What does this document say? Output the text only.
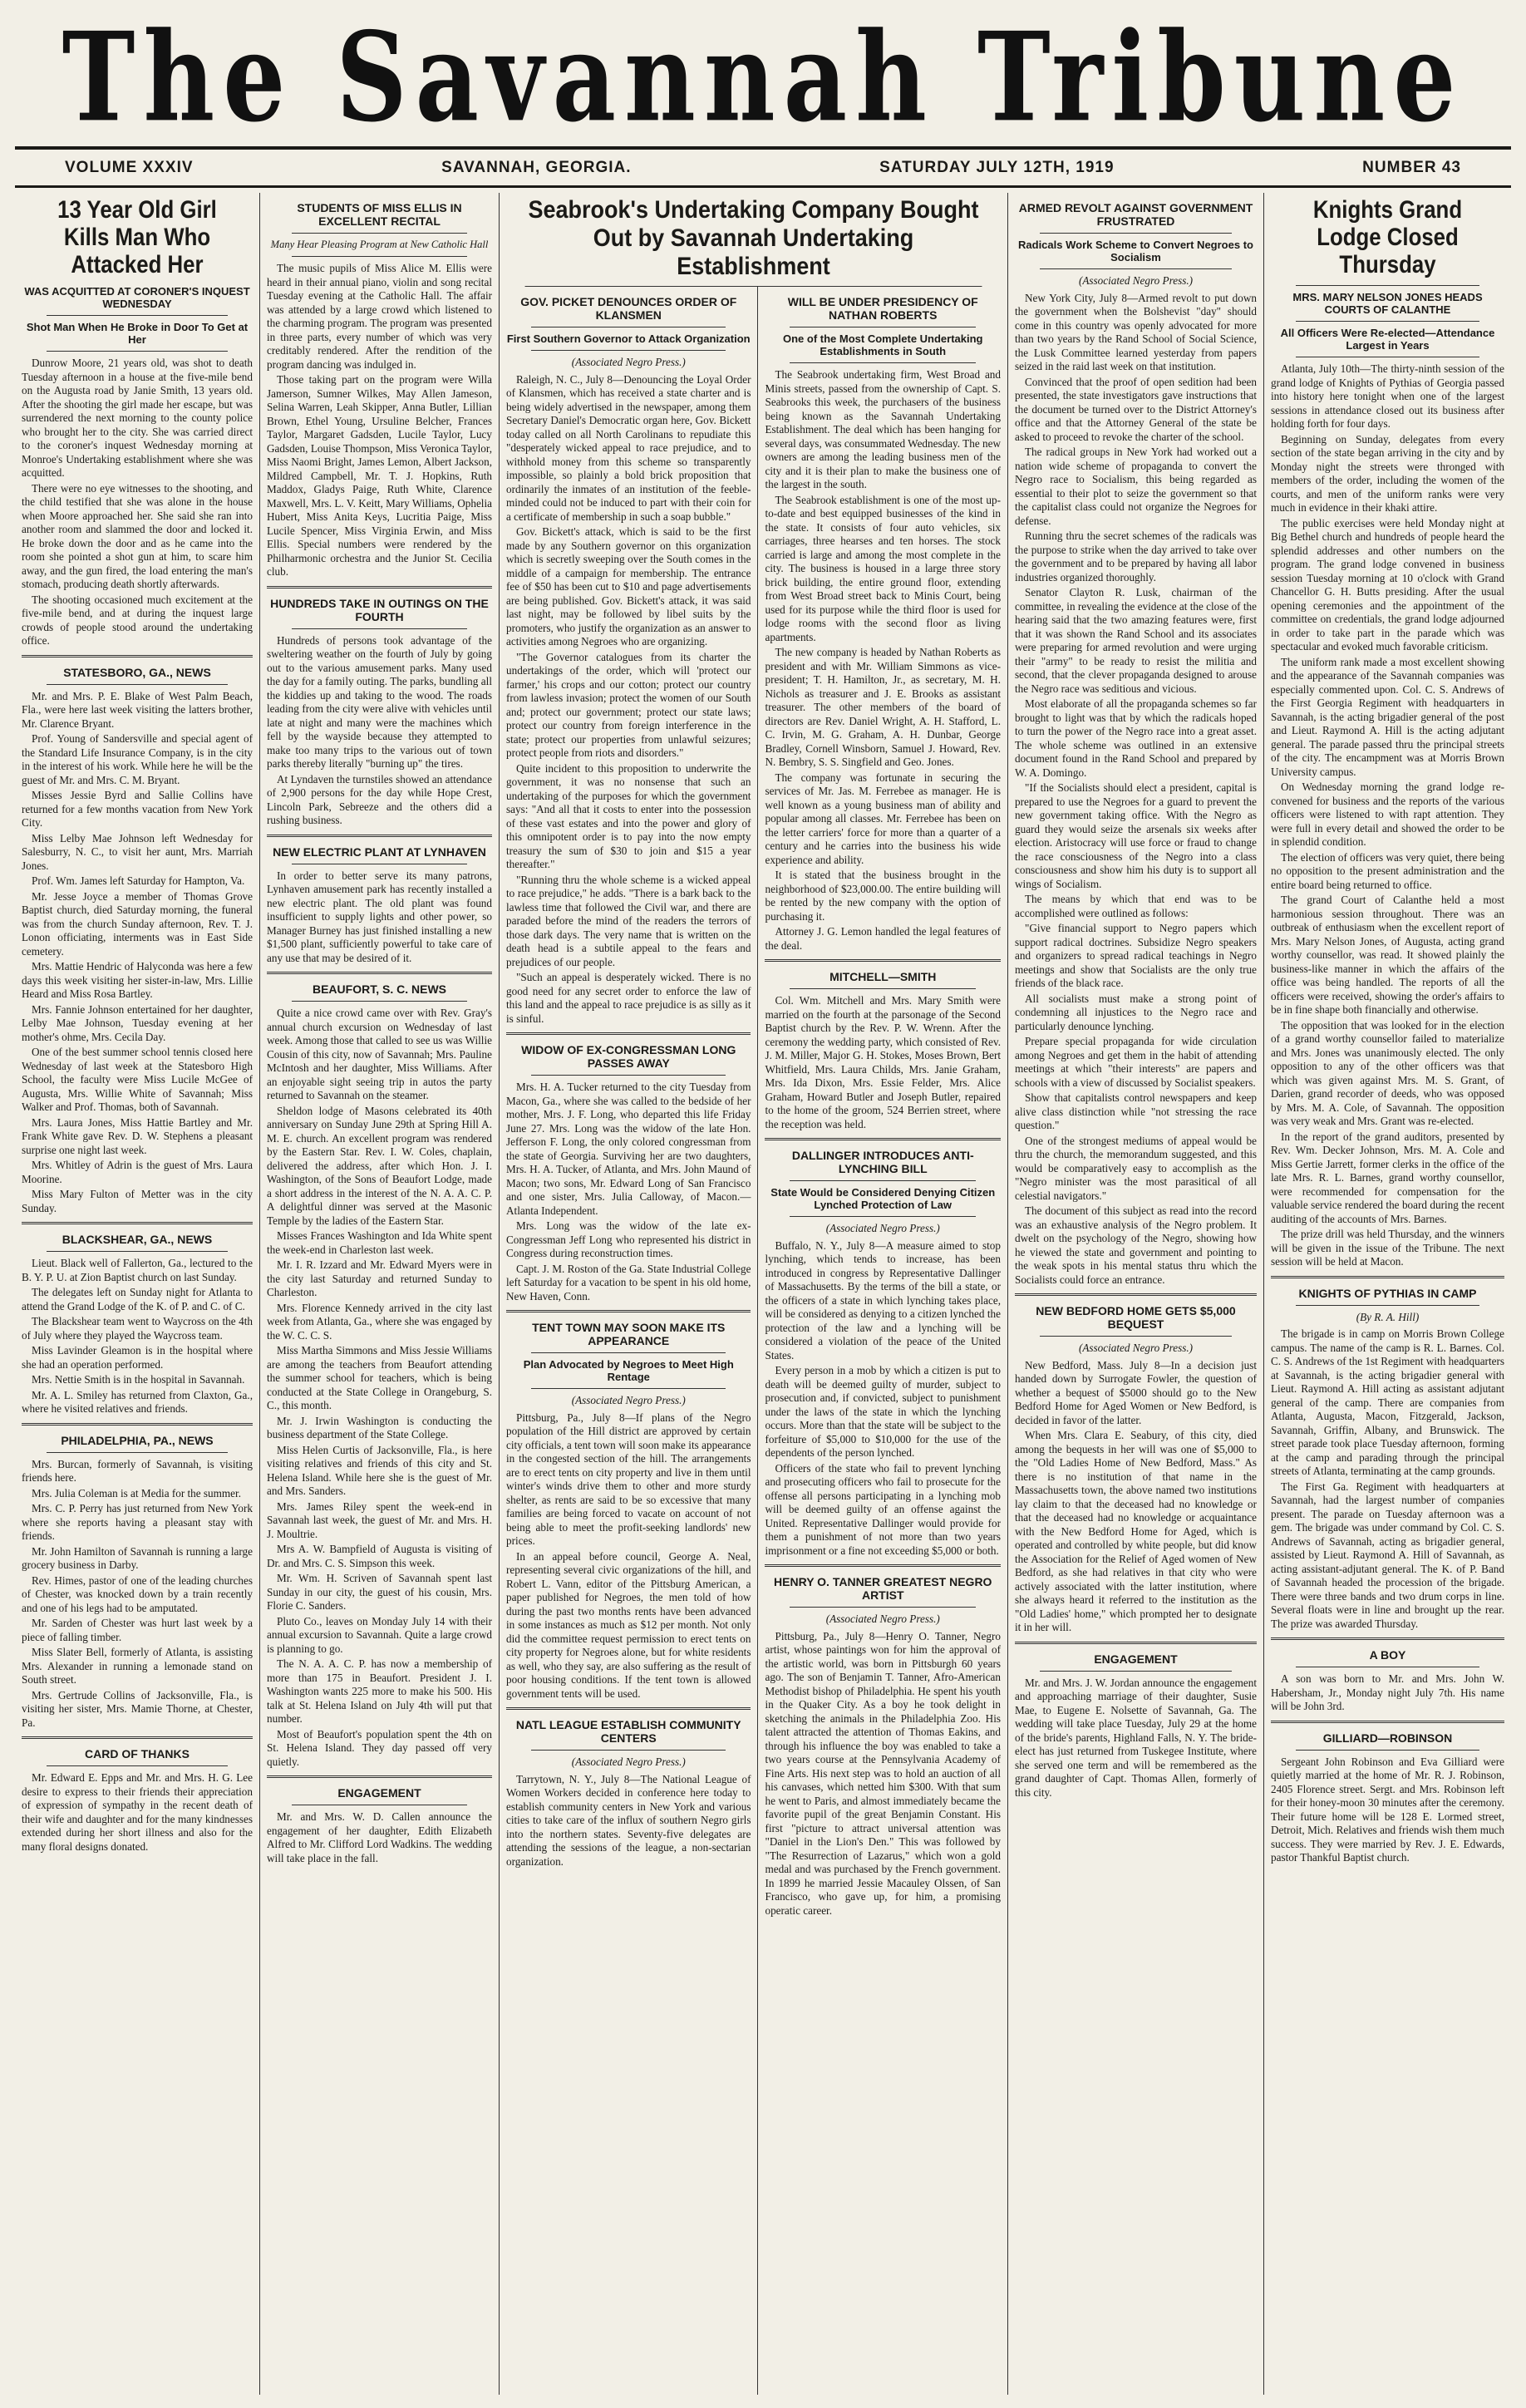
The Savannah Tribune
VOLUME XXXIV	SAVANNAH, GEORGIA.	SATURDAY JULY 12TH, 1919	NUMBER 43
13 Year Old Girl Kills Man Who Attacked Her
WAS ACQUITTED AT CORONER'S INQUEST WEDNESDAY
Shot Man When He Broke in Door To Get at Her

Dunrow Moore, 21 years old, was shot to death Tuesday afternoon in a house at the five-mile bend on the Augusta road by Janie Smith, 13 years old. After the shooting the girl made her escape, but was surrendered the next morning to the county police who brought her to the city. She was carried direct to the coroner's inquest Wednesday morning at Monroe's Undertaking establishment where she was acquitted.

There were no eye witnesses to the shooting, and the child testified that she was alone in the house when Moore approached her. She said she ran into another room and slammed the door and locked it. He broke down the door and as he came into the room she pointed a shot gun at him, to scare him away, and the gun fired, the load entering the man's stomach, producing death shortly afterwards.

The shooting occasioned much excitement at the five-mile bend, and at during the inquest large crowds of people stood around the undertaking office.

STATESBORO, GA., NEWS

Mr. and Mrs. P. E. Blake of West Palm Beach, Fla., were here last week visiting the latters brother, Mr. Clarence Bryant.

Prof. Young of Sandersville and special agent of the Standard Life Insurance Company, is in the city in the interest of his work. While here he will be the guest of Mr. and Mrs. C. M. Bryant.

Misses Jessie Byrd and Sallie Collins have returned for a few months vacation from New York City.

Miss Lelby Mae Johnson left Wednesday for Salesburry, N. C., to visit her aunt, Mrs. Marriah Jones.

Prof. Wm. James left Saturday for Hampton, Va.

Mr. Jesse Joyce a member of Thomas Grove Baptist church, died Saturday morning, the funeral was from the church Sunday afternoon, Rev. T. J. Lonon officiating, interments was in East Side cemetery.

Mrs. Mattie Hendric of Halyconda was here a few days this week visiting her sister-in-law, Mrs. Lillie Heard and Miss Rosa Bartley.

Mrs. Fannie Johnson entertained for her daughter, Lelby Mae Johnson, Tuesday evening at her mother's ohme, Mrs. Cecila Day.

One of the best summer school tennis closed here Wednesday of last week at the Statesboro High School, the faculty were Miss Lucile McGee of Augusta, Mrs. Willie White of Savannah; Miss Walker and Prof. Thomas, both of Savannah.

Mrs. Laura Jones, Miss Hattie Bartley and Mr. Frank White gave Rev. D. W. Stephens a pleasant surprise one night last week.

Mrs. Whitley of Adrin is the guest of Mrs. Laura Moorine.

Miss Mary Fulton of Metter was in the city Sunday.

BLACKSHEAR, GA., NEWS

Lieut. Black well of Fallerton, Ga., lectured to the B. Y. P. U. at Zion Baptist church on last Sunday.

The delegates left on Sunday night for Atlanta to attend the Grand Lodge of the K. of P. and C. of C.

The Blackshear team went to Waycross on the 4th of July where they played the Waycross team.

Miss Lavinder Gleamon is in the hospital where she had an operation performed.

Mrs. Nettie Smith is in the hospital in Savannah.

Mr. A. L. Smiley has returned from Claxton, Ga., where he visited relatives and friends.

PHILADELPHIA, PA., NEWS

Mrs. Burcan, formerly of Savannah, is visiting friends here.

Mrs. Julia Coleman is at Media for the summer.

Mrs. C. P. Perry has just returned from New York where she reports having a pleasant stay with friends.

Mr. John Hamilton of Savannah is running a large grocery business in Darby.

Rev. Himes, pastor of one of the leading churches of Chester, was knocked down by a train recently and one of his legs had to be amputated.

Mr. Sarden of Chester was hurt last week by a piece of falling timber.

Miss Slater Bell, formerly of Atlanta, is assisting Mrs. Alexander in running a lemonade stand on South street.

Mrs. Gertrude Collins of Jacksonville, Fla., is visiting her sister, Mrs. Mamie Thorne, at Chester, Pa.

CARD OF THANKS

Mr. Edward E. Epps and Mr. and Mrs. H. G. Lee desire to express to their friends their appreciation of expression of sympathy in the recent death of their wife and daughter and for the many kindnesses extended during her short illness and also for the many floral designs donated.

STUDENTS OF MISS ELLIS IN EXCELLENT RECITAL
Many Hear Pleasing Program at New Catholic Hall

The music pupils of Miss Alice M. Ellis were heard in their annual piano, violin and song recital Tuesday evening at the Catholic Hall. The affair was attended by a large crowd which listened to the charming program. The program was presented in three parts, every number of which was very creditably rendered. After the rendition of the program dancing was indulged in.

Those taking part on the program were Willa Jamerson, Sumner Wilkes, May Allen Jameson, Selina Warren, Leah Skipper, Anna Butler, Lillian Brown, Ethel Young, Ursuline Belcher, Frances Taylor, Margaret Gadsden, Lucile Taylor, Lucy Gadsden, Louise Thompson, Miss Veronica Taylor, Miss Naomi Bright, James Lemon, Albert Jackson, Mildred Campbell, Mr. T. J. Hopkins, Ruth Maddox, Gladys Paige, Ruth White, Clarence Maxwell, Mrs. L. V. Keitt, Mary Williams, Ophelia Hubert, Miss Anita Keys, Lucritia Paige, Miss Lucile Spencer, Miss Virginia Erwin, and Miss Ellis. Special numbers were rendered by the Philharmonic orchestra and the Junior St. Cecilia club.

HUNDREDS TAKE IN OUTINGS ON THE FOURTH

Hundreds of persons took advantage of the sweltering weather on the fourth of July by going out to the various amusement parks. Many used the day for a family outing. The parks, bundling all the kiddies up and taking to the wood. The roads leading from the city were alive with vehicles until late at night and many were the machines which fell by the wayside because they attempted to make too many trips to the various out of town parks thereby literally "burning up" the tires.

At Lyndaven the turnstiles showed an attendance of 2,900 persons for the day while Hope Crest, Lincoln Park, Sebreeze and the others did a rushing business.

NEW ELECTRIC PLANT AT LYNHAVEN

In order to better serve its many patrons, Lynhaven amusement park has recently installed a new electric plant. The old plant was found insufficient to supply lights and other power, so Manager Burney has just finished installing a new $1,500 plant, sufficiently powerful to take care of any use that may be desired of it.

BEAUFORT, S. C. NEWS

Quite a nice crowd came over with Rev. Gray's annual church excursion on Wednesday of last week. Among those that called to see us was Willie Cousin of this city, now of Savannah; Mrs. Pauline McIntosh and her daughter, Miss Williams. After an enjoyable sight seeing trip in autos the party returned to Savannah on the steamer.

Sheldon lodge of Masons celebrated its 40th anniversary on Sunday June 29th at Spring Hill A. M. E. church. An excellent program was rendered by the Eastern Star. Rev. I. W. Coles, chaplain, delivered the address, after which Hon. J. I. Washington, of the Sons of Beaufort Lodge, made a short address in the interest of the N. A. A. C. P. A delightful dinner was served at the Masonic Temple by the ladies of the Eastern Star.

Misses Frances Washington and Ida White spent the week-end in Charleston last week.

Mr. I. R. Izzard and Mr. Edward Myers were in the city last Saturday and returned Sunday to Charleston.

Mrs. Florence Kennedy arrived in the city last week from Atlanta, Ga., where she was engaged by the W. C. C. S.

Miss Martha Simmons and Miss Jessie Williams are among the teachers from Beaufort attending the summer school for teachers, which is being conducted at the State College in Orangeburg, S. C., this month.

Mr. J. Irwin Washington is conducting the business department of the State College.

Miss Helen Curtis of Jacksonville, Fla., is here visiting relatives and friends of this city and St. Helena Island. While here she is the guest of Mr. and Mrs. Sanders.

Mrs. James Riley spent the week-end in Savannah last week, the guest of Mr. and Mrs. H. J. Moultrie.

Mrs A. W. Bampfield of Augusta is visiting of Dr. and Mrs. C. S. Simpson this week.

Mr. Wm. H. Scriven of Savannah spent last Sunday in our city, the guest of his cousin, Mrs. Florie C. Sanders.

Pluto Co., leaves on Monday July 14 with their annual excursion to Savannah. Quite a large crowd is planning to go.

The N. A. A. C. P. has now a membership of more than 175 in Beaufort. President J. I. Washington wants 225 more to make his 500. His talk at St. Helena Island on July 4th will put that number.

Most of Beaufort's population spent the 4th on St. Helena Island. They day passed off very quietly.

ENGAGEMENT

Mr. and Mrs. W. D. Callen announce the engagement of her daughter, Edith Elizabeth Alfred to Mr. Clifford Lord Wadkins. The wedding will take place in the fall.

Seabrook's Undertaking Company Bought Out by Savannah Undertaking Establishment
GOV. PICKET DENOUNCES ORDER OF KLANSMEN
First Southern Governor to Attack Organization

(Associated Negro Press.)

Raleigh, N. C., July 8—Denouncing the Loyal Order of Klansmen, which has received a state charter and is being widely advertised in the newspaper, among them Secretary Daniel's Democratic organ here, Gov. Bickett today called on all North Carolinans to repudiate this "desperately wicked appeal to race prejudice, and to withhold money from this scheme so transparently impossible, so plainly a bold brick proposition that ordinarily the inmates of an institution of the feeble-minded could not be induced to part with their coin for a certificate of membership in such a soap bubble."

Gov. Bickett's attack, which is said to be the first made by any Southern governor on this organization which is secretly sweeping over the South comes in the middle of a campaign for membership. The entrance fee of $50 has been cut to $10 and page advertisements are being published. Gov. Bickett's attack, it was said last night, may be followed by libel suits by the promoters, who justify the organization as an answer to activities among Negroes who are organizing.

"The Governor catalogues from its charter the undertakings of the order, which will 'protect our farmer,' his crops and our cotton; protect our country from lawless invasion; protect the women of our South and; protect our government; protect our state laws; protect our country from foreign interference in the state; protect our properties from unlawful seizures; protect people from riots and disorders."

Quite incident to this proposition to underwrite the government, it was no nonsense that such an undertaking of the purposes for which the government says: "And all that it costs to enter into the possession of these vast estates and into the power and glory of this omnipotent order is to pay into the now empty treasury the sum of $30 to join and $15 a year thereafter."

"Running thru the whole scheme is a wicked appeal to race prejudice," he adds. "There is a bark back to the lawless time that followed the Civil war, and there are paraded before the mind of the readers the terrors of those dark days. The very name that is written on the death head is a subtile appeal to the fears and prejudices of our people.

"Such an appeal is desperately wicked. There is no good need for any secret order to enforce the law of this land and the appeal to race prejudice is as silly as it is sinful.

WIDOW OF EX-CONGRESSMAN LONG PASSES AWAY

Mrs. H. A. Tucker returned to the city Tuesday from Macon, Ga., where she was called to the bedside of her mother, Mrs. J. F. Long, who departed this life Friday June 27. Mrs. Long was the widow of the late Hon. Jefferson F. Long, the only colored congressman from the state of Georgia. Surviving her are two daughters, Mrs. H. A. Tucker, of Atlanta, and Mrs. John Maund of Macon; two sons, Mr. Edward Long of San Francisco and one sister, Mrs. Julia Calloway, of Macon.—Atlanta Independent.

Mrs. Long was the widow of the late ex-Congressman Jeff Long who represented his district in Congress during reconstruction times.

Capt. J. M. Roston of the Ga. State Industrial College left Saturday for a vacation to be spent in his old home, New Haven, Conn.

TENT TOWN MAY SOON MAKE ITS APPEARANCE
Plan Advocated by Negroes to Meet High Rentage

(Associated Negro Press.)

Pittsburg, Pa., July 8—If plans of the Negro population of the Hill district are approved by certain city officials, a tent town will soon make its appearance in the congested section of the hill. The arrangements are to erect tents on city property and live in them until winter's winds drive them to other and more sturdy shelter, as rents are said to be so excessive that many families are being forced to vacate on account of not being able to meet the profit-seeking landlords' new prices.

In an appeal before council, George A. Neal, representing several civic organizations of the hill, and Robert L. Vann, editor of the Pittsburg American, a paper published for Negroes, the men told of how during the past two months rents have been advanced in some instances as much as $12 per month. Not only did the committee request permission to erect tents on city property for Negroes alone, but for white residents as well, who they say, are also suffering as the result of poor housing conditions. If the tent town is allowed government tents will be used.

NATL LEAGUE ESTABLISH COMMUNITY CENTERS

(Associated Negro Press.)

Tarrytown, N. Y., July 8—The National League of Women Workers decided in conference here today to establish community centers in New York and various cities to take care of the influx of southern Negro girls into the northern states. Seventy-five delegates are attending the sessions of the league, a non-sectarian organization.

WILL BE UNDER PRESIDENCY OF NATHAN ROBERTS
One of the Most Complete Undertaking Establishments in South

The Seabrook undertaking firm, West Broad and Minis streets, passed from the ownership of Capt. S. Seabrooks this week, the purchasers of the business being known as the Savannah Undertaking Establishment. The deal which has been hanging for several days, was consummated Wednesday. The new owners are among the leading business men of the city and it is their plan to make the business one of the largest in the south.

The Seabrook establishment is one of the most up-to-date and best equipped businesses of the kind in the state. It consists of four auto vehicles, six carriages, three hearses and ten horses. The stock carried is large and among the most complete in the city. The business is housed in a large three story brick building, the entire ground floor, extending from West Broad street back to Minis Court, being used for its purpose while the third floor is used for lodge rooms with the second floor as living apartments.

The new company is headed by Nathan Roberts as president and with Mr. William Simmons as vice-president; T. H. Hamilton, Jr., as secretary, M. H. Nichols as treasurer and J. E. Brooks as assistant treasurer. The other members of the board of directors are Rev. Daniel Wright, A. H. Stafford, L. C. Irvin, M. G. Graham, A. H. Dunbar, George Bradley, Cornell Winsborn, Samuel J. Howard, Rev. N. Bembry, S. S. Singfield and Geo. Jones.

The company was fortunate in securing the services of Mr. Jas. M. Ferrebee as manager. He is well known as a young business man of ability and popular among all classes. Mr. Ferrebee has been on the letter carriers' force for more than a quarter of a century and he carries into the business his wide experience and ability.

It is stated that the business brought in the neighborhood of $23,000.00. The entire building will be rented by the new company with the option of purchasing it.

Attorney J. G. Lemon handled the legal features of the deal.

MITCHELL—SMITH

Col. Wm. Mitchell and Mrs. Mary Smith were married on the fourth at the parsonage of the Second Baptist church by the Rev. P. W. Wrenn. After the ceremony the wedding party, which consisted of Rev. J. M. Miller, Major G. H. Stokes, Moses Brown, Bert Whitfield, Mrs. Laura Childs, Mrs. Janie Graham, Mrs. Ida Dixon, Mrs. Essie Felder, Mrs. Alice Graham, Howard Butler and Joseph Butler, repaired to the home of the groom, 524 Berrien street, where the reception was held.

DALLINGER INTRODUCES ANTI-LYNCHING BILL
State Would be Considered Denying Citizen Lynched Protection of Law

(Associated Negro Press.)

Buffalo, N. Y., July 8—A measure aimed to stop lynching, which tends to increase, has been introduced in congress by Representative Dallinger of Massachusetts. By the terms of the bill a state, or the officers of a state in which lynching takes place, will be considered as denying to a citizen lynched the protection of the law and a lynching will be considered a violation of the peace of the United States.

Every person in a mob by which a citizen is put to death will be deemed guilty of murder, subject to prosecution and, if convicted, subject to punishment under the laws of the state in which the lynching occurs. More than that the state will be subject to the forfeiture of $5,000 to $10,000 for the use of the dependents of the person lynched.

Officers of the state who fail to prevent lynching and prosecuting officers who fail to prosecute for the offense all persons participating in a lynching mob will be deemed guilty of an offense against the United. Representative Dallinger would provide for them a punishment of not more than two years imprisonment or a fine not exceeding $5,000 or both.

HENRY O. TANNER GREATEST NEGRO ARTIST

(Associated Negro Press.)

Pittsburg, Pa., July 8—Henry O. Tanner, Negro artist, whose paintings won for him the approval of the artistic world, was born in Pittsburgh 60 years ago. The son of Benjamin T. Tanner, Afro-American Methodist bishop of Philadelphia. He spent his youth in the Quaker City. As a boy he took delight in sketching the animals in the Philadelphia Zoo. His talent attracted the attention of Thomas Eakins, and through his influence the boy was enabled to take a two years course at the Pennsylvania Academy of Fine Arts. His next step was to hold an auction of all his canvases, which netted him $300. With that sum he went to Paris, and almost immediately became the favorite pupil of the great Benjamin Constant. His first "picture to attract universal attention was "Daniel in the Lion's Den." This was followed by "The Resurrection of Lazarus," which won a gold medal and was purchased by the French government. In 1899 he married Jessie Macauley Olssen, of San Francisco, who gave up, for him, a promising operatic career.

ARMED REVOLT AGAINST GOVERNMENT FRUSTRATED
Radicals Work Scheme to Convert Negroes to Socialism

(Associated Negro Press.)

New York City, July 8—Armed revolt to put down the government when the Bolshevist "day" should come in this country was openly advocated for more than two years by the Rand School of Social Science, the Lusk Committee learned yesterday from papers seized in the raid last week on that institution.

Convinced that the proof of open sedition had been presented, the state investigators gave instructions that the document be turned over to the District Attorney's office and that the Attorney General of the state be asked to proceed to revoke the charter of the school.

The radical groups in New York had worked out a nation wide scheme of propaganda to convert the Negro race to Socialism, this being regarded as essential to their plot to seize the government so that the capitalist class could not organize the Negroes for defense.

Running thru the secret schemes of the radicals was the purpose to strike when the day arrived to take over the government and to be prepared by having all labor industries organized thoroughly.

Senator Clayton R. Lusk, chairman of the committee, in revealing the evidence at the close of the hearing said that the two amazing features were, first that it was shown the Rand School and its associates were preparing for armed revolution and were urging their "army" to be ready to resist the militia and second, that the clever propaganda designed to arouse the Negro race was seditious and vicious.

Most elaborate of all the propaganda schemes so far brought to light was that by which the radicals hoped to turn the power of the Negro race into a great asset. The whole scheme was outlined in an extensive document found in the Rand School and prepared by W. A. Domingo.

"If the Socialists should elect a president, capital is prepared to use the Negroes for a guard to prevent the new government taking office. With the Negro as guard they would seize the arsenals six weeks after election. Aristocracy will use force or fraud to change the race consciousness of the Negro into a class consciousness and show him his duty is to support all wings of Socialism.

The means by which that end was to be accomplished were outlined as follows:

"Give financial support to Negro papers which support radical doctrines. Subsidize Negro speakers and organizers to spread radical teachings in Negro meetings and show that Socialists are the only true friends of the black race.

All socialists must make a strong point of condemning all injustices to the Negro race and particularly denounce lynching.

Prepare special propaganda for wide circulation among Negroes and get them in the habit of attending meetings at which "their interests" are papers and schools with a view of discussed by Socialist speakers.

Show that capitalists control newspapers and keep alive class distinction while "not stressing the race question."

One of the strongest mediums of appeal would be thru the church, the memorandum suggested, and this would be comparatively easy to accomplish as the "Negro minister was the most parasitical of all celestial navigators."

The document of this subject as read into the record was an exhaustive analysis of the Negro problem. It dwelt on the psychology of the Negro, showing how he viewed the state and government and pointing to the weak spots in his mental status thru which the Socialists could force an entrance.

NEW BEDFORD HOME GETS $5,000 BEQUEST

(Associated Negro Press.)

New Bedford, Mass. July 8—In a decision just handed down by Surrogate Fowler, the question of whether a bequest of $5000 should go to the New Bedford Home for Aged Women or New Bedford, is decided in favor of the latter.

When Mrs. Clara E. Seabury, of this city, died among the bequests in her will was one of $5,000 to the "Old Ladies Home of New Bedford, Mass." As there is no institution of that name in the Massachusetts town, the above named two institutions lay claim to that the deceased had no knowledge or that the deceased had no knowledge or acquaintance with the New Bedford Home for Aged, which is operated and controlled by white people, but did know the Association for the Relief of Aged women of New Bedford, as she had relatives in that city who were actively associated with the latter institution, where she always heard it referred to the institution as the "Old Ladies' home," which prompted her to designate it in her will.

ENGAGEMENT

Mr. and Mrs. J. W. Jordan announce the engagement and approaching marriage of their daughter, Susie Mae, to Eugene E. Nolsette of Savannah, Ga. The wedding will take place Tuesday, July 29 at the home of the bride's parents, Highland Falls, N. Y. The bride-elect has just returned from Tuskegee Institute, where she served one term and will be remembered as the grand daughter of Capt. Thomas Allen, formerly of this city.

Knights Grand Lodge Closed Thursday
MRS. MARY NELSON JONES HEADS COURTS OF CALANTHE
All Officers Were Re-elected—Attendance Largest in Years

Atlanta, July 10th—The thirty-ninth session of the grand lodge of Knights of Pythias of Georgia passed into history here tonight when one of the largest sessions in attendance closed out its business after holding forth for four days.

Beginning on Sunday, delegates from every section of the state began arriving in the city and by Monday night the streets were thronged with members of the order, including the women of the courts, and men of the uniform ranks were very much in evidence in their khaki attire.

The public exercises were held Monday night at Big Bethel church and hundreds of people heard the splendid addresses and other numbers on the program. The grand lodge convened in business session Tuesday morning at 10 o'clock with Grand Chancellor G. H. Butts presiding. After the usual opening ceremonies and the appointment of the committee on credentials, the grand lodge adjourned in order to take part in the parade which was spectacular and evoked much favorable criticism.

The uniform rank made a most excellent showing and the appearance of the Savannah companies was especially commented upon. Col. C. S. Andrews of the First Georgia Regiment with headquarters in Savannah, is the acting brigadier general of the post and Lieut. Raymond A. Hill is the acting adjutant general. The parade passed thru the principal streets of the city. The encampment was at Morris Brown University campus.

On Wednesday morning the grand lodge re-convened for business and the reports of the various officers were listened to with rapt attention. They were full in every detail and showed the order to be in splendid condition.

The election of officers was very quiet, there being no opposition to the present administration and the entire board being returned to office.

The grand Court of Calanthe held a most harmonious session throughout. There was an outbreak of enthusiasm when the excellent report of Mrs. Mary Nelson Jones, of Augusta, acting grand worthy counsellor, was read. It showed plainly the business-like manner in which the affairs of the office was being handled. The reports of all the officers were received, showing the order's affairs to be in fine shape both financially and otherwise.

The opposition that was looked for in the election of a grand worthy counsellor failed to materialize and Mrs. Jones was unanimously elected. The only opposition to any of the other officers was that which was given against Mrs. M. S. Grant, of Darien, grand recorder of deeds, who was opposed by Mrs. M. A. Cole, of Savannah. The opposition was very weak and Mrs. Grant was re-elected.

In the report of the grand auditors, presented by Rev. Wm. Decker Johnson, Mrs. M. A. Cole and Miss Gertie Jarrett, former clerks in the office of the late Mrs. R. L. Barnes, grand worthy counsellor, were recommended for compensation for the valuable service rendered the board during the recent auditing of the accounts of Mrs. Barnes.

The prize drill was held Thursday, and the winners will be given in the issue of the Tribune. The next session will be held at Macon.

KNIGHTS OF PYTHIAS IN CAMP

(By R. A. Hill)

The brigade is in camp on Morris Brown College campus. The name of the camp is R. L. Barnes. Col. C. S. Andrews of the 1st Regiment with headquarters at Savannah, is the acting brigadier general with Lieut. Raymond A. Hill acting as assistant adjutant general of the camp. There are companies from Atlanta, Augusta, Macon, Fitzgerald, Jackson, Savannah, Griffin, Albany, and Brunswick. The street parade took place Tuesday afternoon, forming at the camp and parading through the principal streets of Atlanta, terminating at the camp grounds.

The First Ga. Regiment with headquarters at Savannah, had the largest number of companies present. The parade on Tuesday afternoon was a gem. The brigade was under command by Col. C. S. Andrews of Savannah, acting as brigadier general, assisted by Lieut. Raymond A. Hill of Savannah, as acting assistant-adjutant general. The K. of P. Band of Savannah headed the procession of the brigade. There were three bands and two drum corps in line. Several floats were in line and brought up the rear. The prize was awarded Thursday.

A BOY

A son was born to Mr. and Mrs. John W. Habersham, Jr., Monday night July 7th. His name will be John 3rd.

GILLIARD—ROBINSON

Sergeant John Robinson and Eva Gilliard were quietly married at the home of Mr. R. J. Robinson, 2405 Florence street. Sergt. and Mrs. Robinson left for their honey-moon 30 minutes after the ceremony. Their future home will be 128 E. Lormed street, Detroit, Mich. Relatives and friends wish them much success. They were married by Rev. J. E. Edwards, pastor Thankful Baptist church.
